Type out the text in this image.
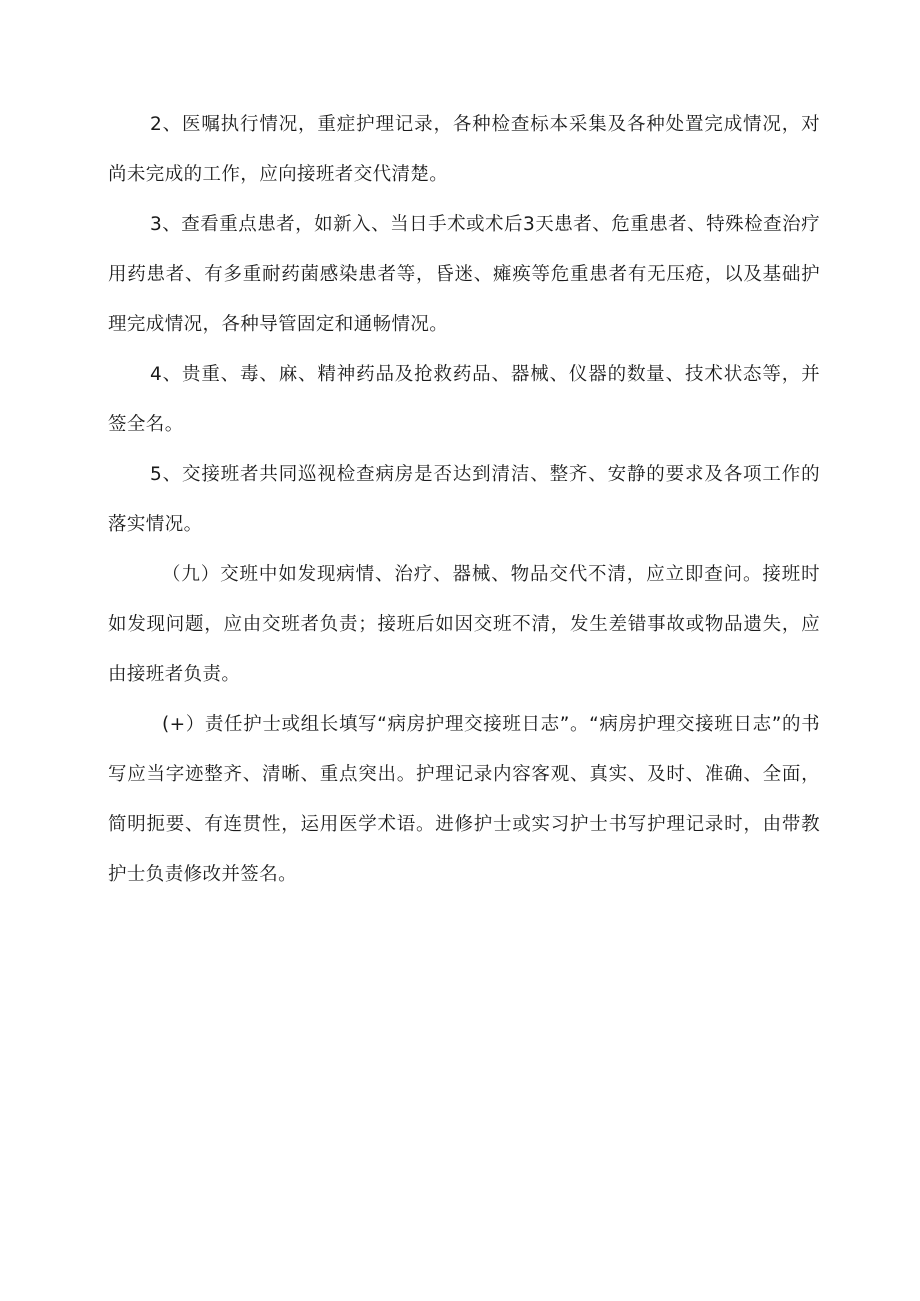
2、医嘱执行情况，重症护理记录，各种检查标本采集及各种处置完成情况，对尚未完成的工作，应向接班者交代清楚。

3、查看重点患者，如新入、当日手术或术后3天患者、危重患者、特殊检查治疗用药患者、有多重耐药菌感染患者等，昏迷、瘫痪等危重患者有无压疮，以及基础护理完成情况，各种导管固定和通畅情况。

4、贵重、毒、麻、精神药品及抢救药品、器械、仪器的数量、技术状态等，并签全名。

5、交接班者共同巡视检查病房是否达到清洁、整齐、安静的要求及各项工作的落实情况。

（九）交班中如发现病情、治疗、器械、物品交代不清，应立即查问。接班时如发现问题，应由交班者负责；接班后如因交班不清，发生差错事故或物品遗失，应由接班者负责。

(+）责任护士或组长填写“病房护理交接班日志”。“病房护理交接班日志”的书写应当字迹整齐、清晰、重点突出。护理记录内容客观、真实、及时、准确、全面，简明扼要、有连贯性，运用医学术语。进修护士或实习护士书写护理记录时，由带教护士负责修改并签名。
